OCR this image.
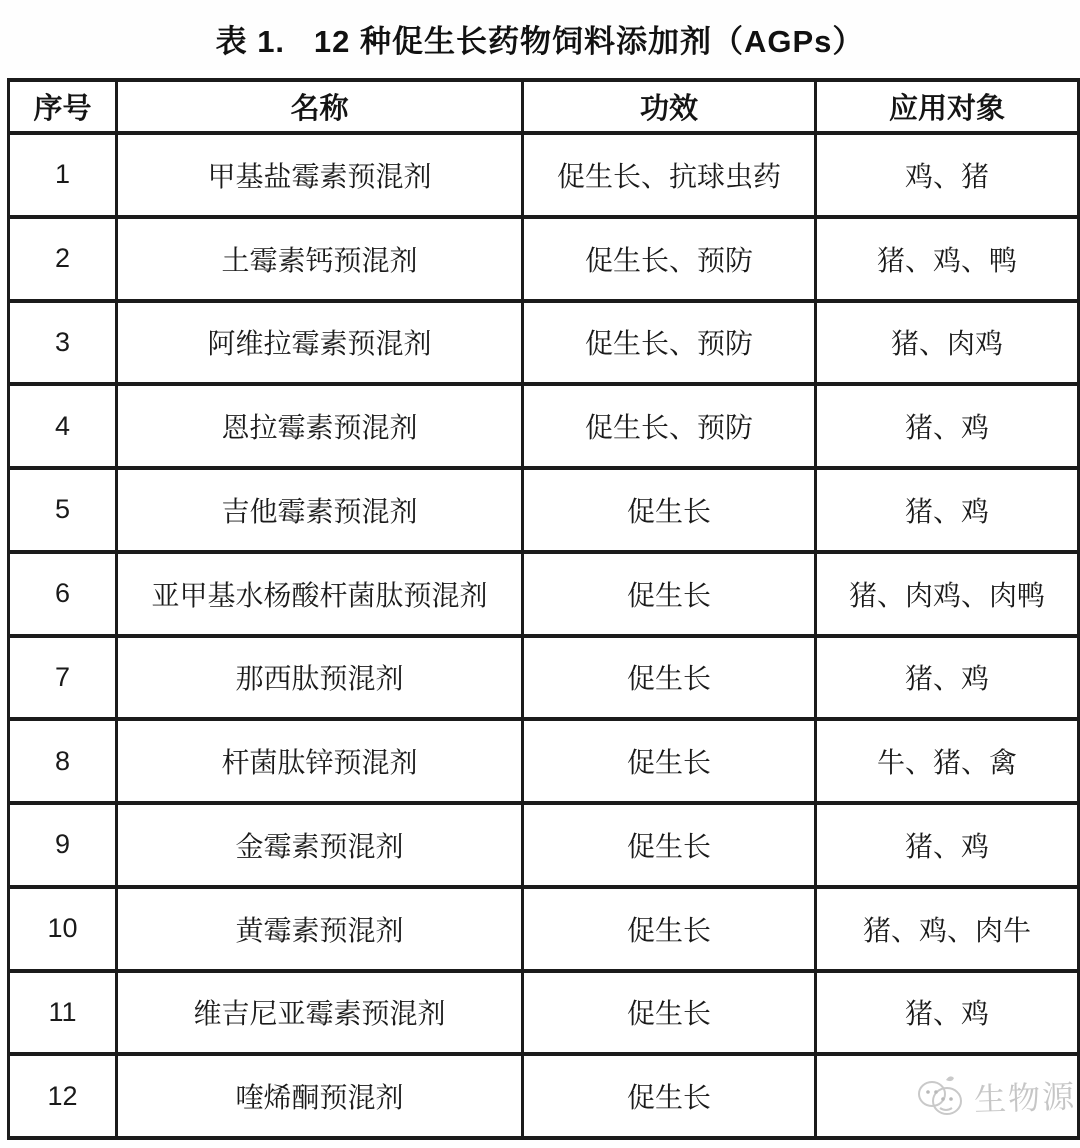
表 1.   12 种促生长药物饲料添加剂（AGPs）
序号	名称	功效	应用对象
1	甲基盐霉素预混剂	促生长、抗球虫药	鸡、猪
2	土霉素钙预混剂	促生长、预防	猪、鸡、鸭
3	阿维拉霉素预混剂	促生长、预防	猪、肉鸡
4	恩拉霉素预混剂	促生长、预防	猪、鸡
5	吉他霉素预混剂	促生长	猪、鸡
6	亚甲基水杨酸杆菌肽预混剂	促生长	猪、肉鸡、肉鸭
7	那西肽预混剂	促生长	猪、鸡
8	杆菌肽锌预混剂	促生长	牛、猪、禽
9	金霉素预混剂	促生长	猪、鸡
10	黄霉素预混剂	促生长	猪、鸡、肉牛
11	维吉尼亚霉素预混剂	促生长	猪、鸡
12	喹烯酮预混剂	促生长		生物源
